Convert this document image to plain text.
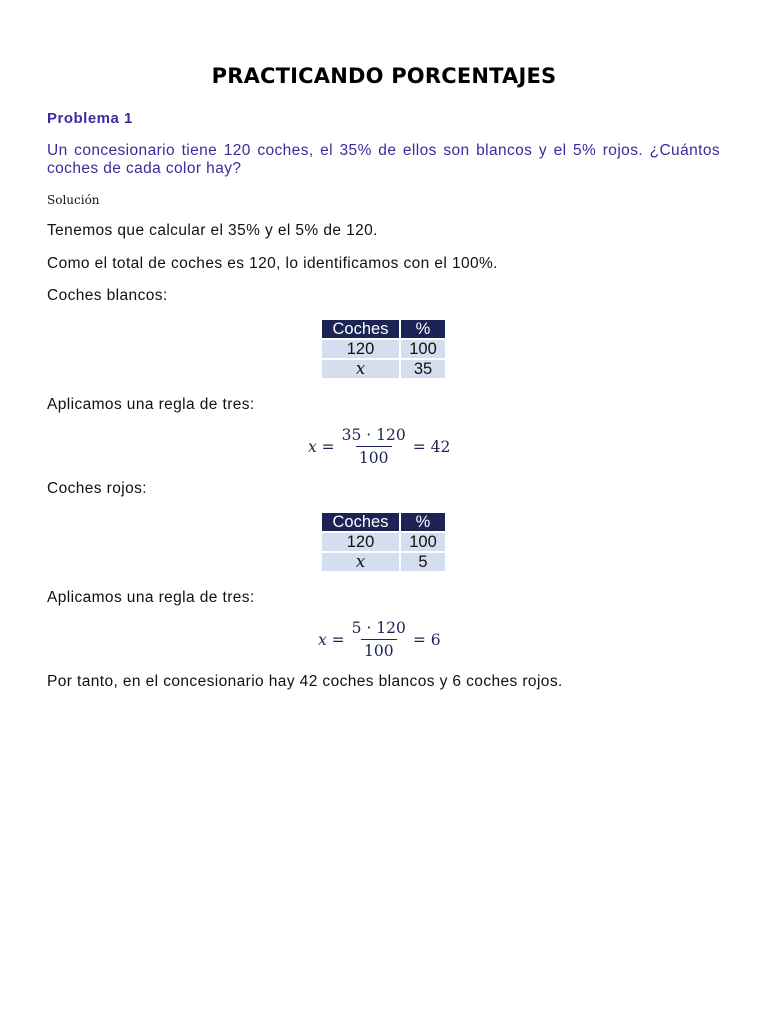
PRACTICANDO PORCENTAJES
Problema 1
Un concesionario tiene 120 coches, el 35% de ellos son blancos y el 5% rojos. ¿Cuántos coches de cada color hay?
Solución
Tenemos que calcular el 35% y el 5% de 120.
Como el total de coches es 120, lo identificamos con el 100%.
Coches blancos:
Coches	%
120	100
x	35
Aplicamos una regla de tres:
$x = \frac{35 \cdot 120}{100} = 42$
Coches rojos:
Coches	%
120	100
x	5
Aplicamos una regla de tres:
$x = \frac{5 \cdot 120}{100} = 6$
Por tanto, en el concesionario hay 42 coches blancos y 6 coches rojos.
